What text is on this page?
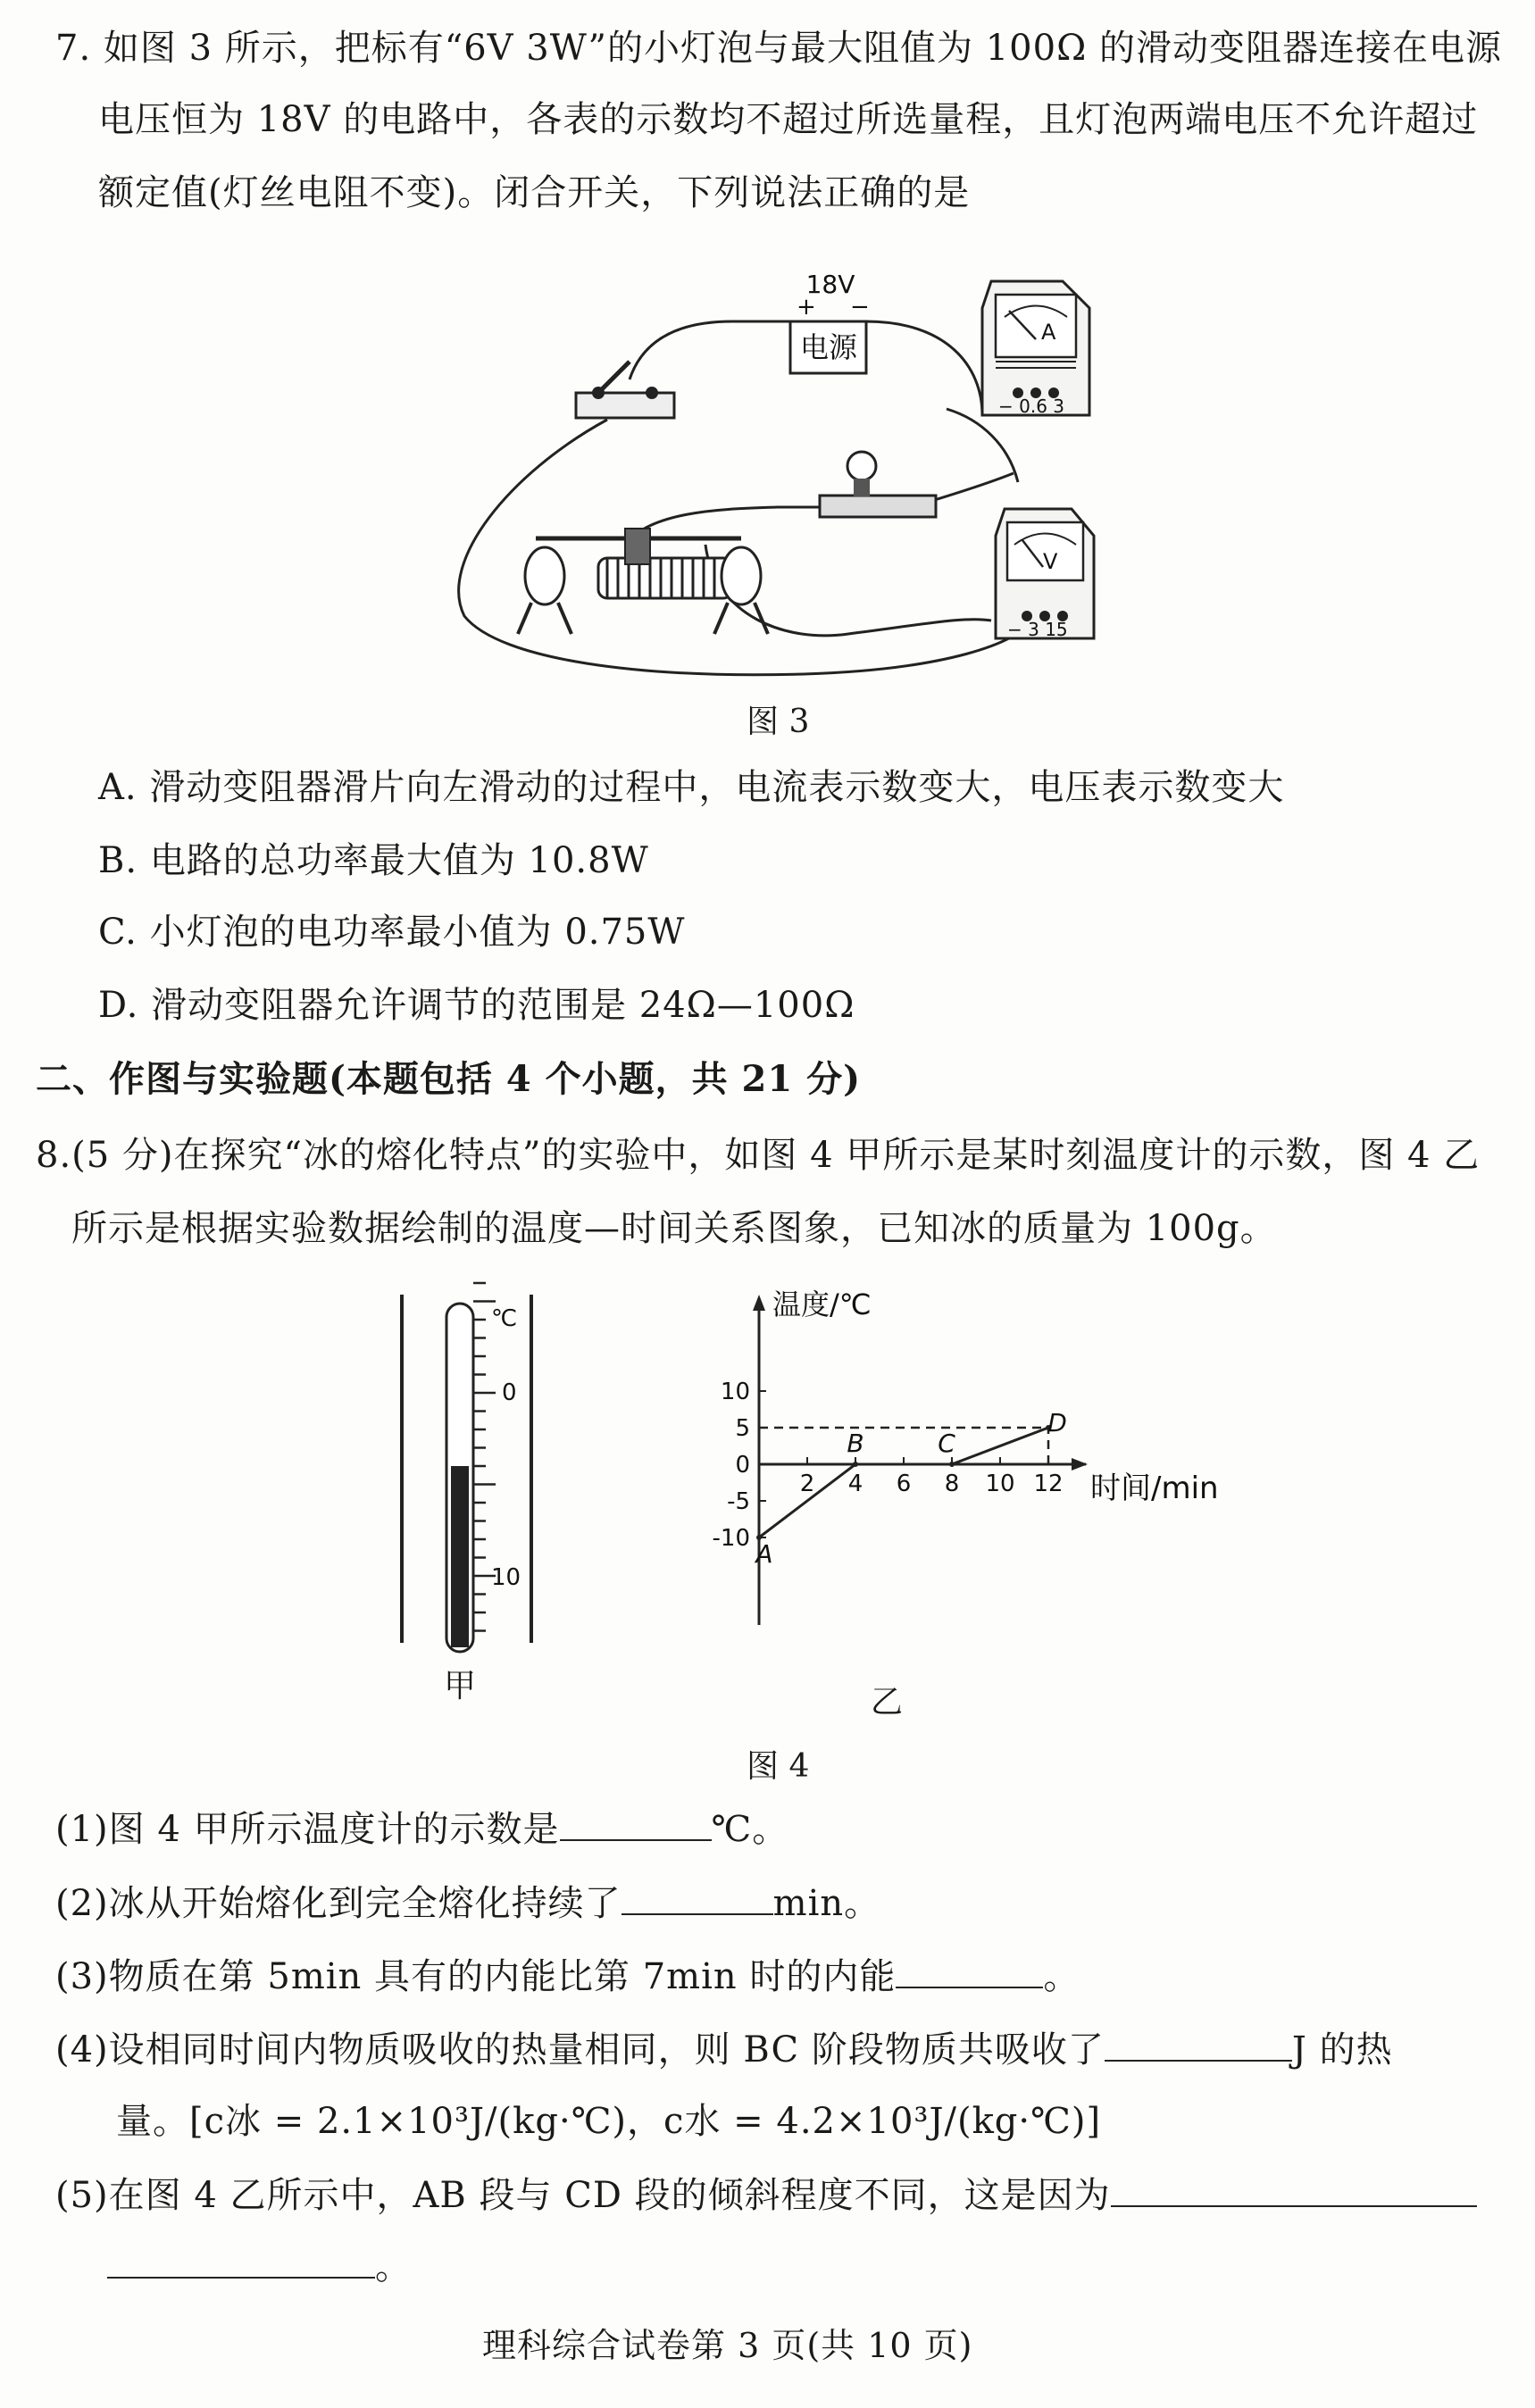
7. 如图 3 所示，把标有“6V 3W”的小灯泡与最大阻值为 100Ω 的滑动变阻器连接在电源
电压恒为 18V 的电路中，各表的示数均不超过所选量程，且灯泡两端电压不允许超过
额定值(灯丝电阻不变)。闭合开关，下列说法正确的是
电源
18V
+ −
A
− 0.6 3
V
− 3 15
图 3
A. 滑动变阻器滑片向左滑动的过程中，电流表示数变大，电压表示数变大
B. 电路的总功率最大值为 10.8W
C. 小灯泡的电功率最小值为 0.75W
D. 滑动变阻器允许调节的范围是 24Ω—100Ω
二、作图与实验题(本题包括 4 个小题，共 21 分)
8.(5 分)在探究“冰的熔化特点”的实验中，如图 4 甲所示是某时刻温度计的示数，图 4 乙
所示是根据实验数据绘制的温度—时间关系图象，已知冰的质量为 100g。
℃
0
10
甲
温度/℃
时间/min
10
5
0
-5
-10
2 4 6 8 10 12
A
B	C
D
乙
图 4
(1)图 4 甲所示温度计的示数是	℃。
(2)冰从开始熔化到完全熔化持续了	min。
(3)物质在第 5min 具有的内能比第 7min 时的内能	。
(4)设相同时间内物质吸收的热量相同，则 BC 阶段物质共吸收了	J 的热
量。[c冰 = 2.1×10³J/(kg·℃)，c水 = 4.2×10³J/(kg·℃)]
(5)在图 4 乙所示中，AB 段与 CD 段的倾斜程度不同，这是因为
。
理科综合试卷第 3 页(共 10 页)
